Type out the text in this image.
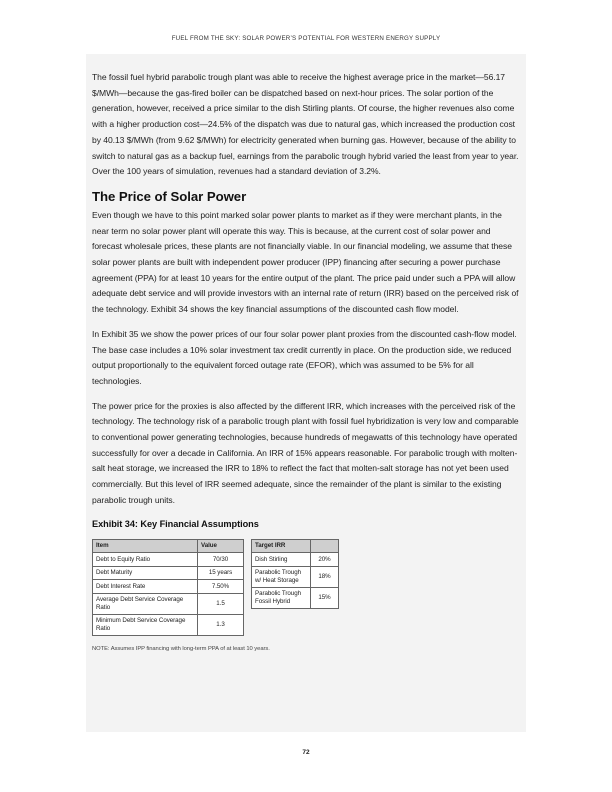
FUEL FROM THE SKY: SOLAR POWER’S POTENTIAL FOR WESTERN ENERGY SUPPLY

The fossil fuel hybrid parabolic trough plant was able to receive the highest average price in the market—56.17 $/MWh—because the gas-fired boiler can be dispatched based on next-hour prices. The solar portion of the generation, however, received a price similar to the dish Stirling plants. Of course, the higher revenues also come with a higher production cost—24.5% of the dispatch was due to natural gas, which increased the production cost by 40.13 $/MWh (from 9.62 $/MWh) for electricity generated when burning gas. However, because of the ability to switch to natural gas as a backup fuel, earnings from the parabolic trough hybrid varied the least from year to year. Over the 100 years of simulation, revenues had a standard deviation of 3.2%.

The Price of Solar Power

Even though we have to this point marked solar power plants to market as if they were merchant plants, in the near term no solar power plant will operate this way. This is because, at the current cost of solar power and forecast wholesale prices, these plants are not financially viable. In our financial modeling, we assume that these solar power plants are built with independent power producer (IPP) financing after securing a power purchase agreement (PPA) for at least 10 years for the entire output of the plant. The price paid under such a PPA will allow adequate debt service and will provide investors with an internal rate of return (IRR) based on the perceived risk of the technology. Exhibit 34 shows the key financial assumptions of the discounted cash flow model.

In Exhibit 35 we show the power prices of our four solar power plant proxies from the discounted cash-flow model. The base case includes a 10% solar investment tax credit currently in place. On the production side, we reduced output proportionally to the equivalent forced outage rate (EFOR), which was assumed to be 5% for all technologies.

The power price for the proxies is also affected by the different IRR, which increases with the perceived risk of the technology. The technology risk of a parabolic trough plant with fossil fuel hybridization is very low and comparable to conventional power generating technologies, because hundreds of megawatts of this technology have operated successfully for over a decade in California. An IRR of 15% appears reasonable. For parabolic trough with molten-salt heat storage, we increased the IRR to 18% to reflect the fact that molten-salt storage has not yet been used commercially. But this level of IRR seemed adequate, since the remainder of the plant is similar to the existing parabolic trough units.

Exhibit 34: Key Financial Assumptions
Item	Value
Debt to Equity Ratio	70/30
Debt Maturity	15 years
Debt Interest Rate	7.50%
Average Debt Service Coverage Ratio	1.5
Minimum Debt Service Coverage Ratio	1.3
Target IRR	
Dish Stirling	20%
Parabolic Trough w/ Heat Storage	18%
Parabolic Trough Fossil Hybrid	15%
NOTE: Assumes IPP financing with long-term PPA of at least 10 years.
72
